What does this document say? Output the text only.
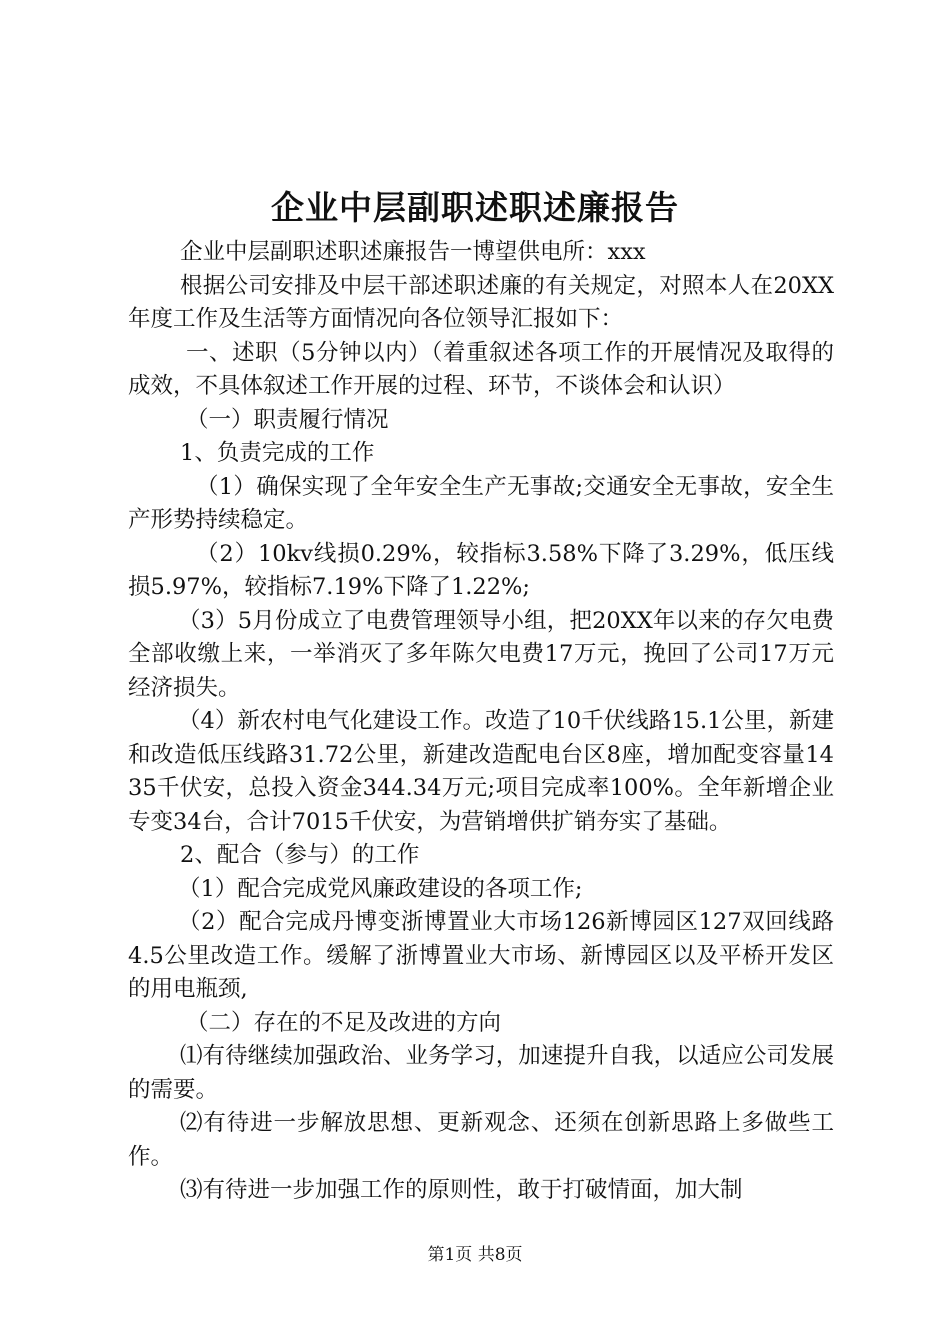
企业中层副职述职述廉报告

企业中层副职述职述廉报告一博望供电所：xxx

根据公司安排及中层干部述职述廉的有关规定，对照本人在20XX年度工作及生活等方面情况向各位领导汇报如下：

一、述职（5分钟以内）（着重叙述各项工作的开展情况及取得的成效，不具体叙述工作开展的过程、环节，不谈体会和认识）

（一）职责履行情况

1、负责完成的工作

（1）确保实现了全年安全生产无事故;交通安全无事故，安全生产形势持续稳定。

（2）10kv线损0.29%，较指标3.58%下降了3.29%，低压线损5.97%，较指标7.19%下降了1.22%;

（3）5月份成立了电费管理领导小组，把20XX年以来的存欠电费全部收缴上来，一举消灭了多年陈欠电费17万元，挽回了公司17万元经济损失。

（4）新农村电气化建设工作。改造了10千伏线路15.1公里，新建和改造低压线路31.72公里，新建改造配电台区8座，增加配变容量1435千伏安，总投入资金344.34万元;项目完成率100%。全年新增企业专变34台，合计7015千伏安，为营销增供扩销夯实了基础。

2、配合（参与）的工作

（1）配合完成党风廉政建设的各项工作;

（2）配合完成丹博变浙博置业大市场126新博园区127双回线路4.5公里改造工作。缓解了浙博置业大市场、新博园区以及平桥开发区的用电瓶颈,

（二）存在的不足及改进的方向

⑴有待继续加强政治、业务学习，加速提升自我，以适应公司发展的需要。

⑵有待进一步解放思想、更新观念、还须在创新思路上多做些工作。

⑶有待进一步加强工作的原则性，敢于打破情面，加大制

第1页 共8页
